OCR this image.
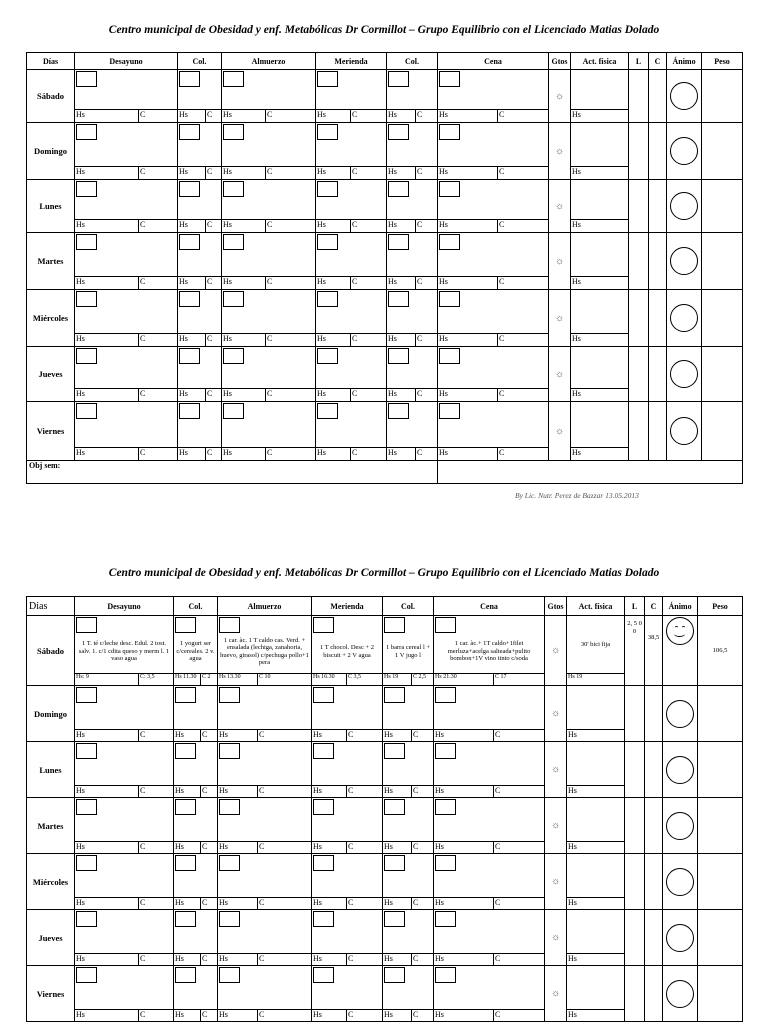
Centro municipal de Obesidad y enf. Metabólicas Dr Cormillot – Grupo Equilibrio con el Licenciado Matias Dolado
Días	Desayuno		Col.		Almuerzo		Merienda		Col.		Cena		Gtos	Act. física	L	C	Ánimo	Peso
Sábado													☼				

	Hs	C	Hs	C	Hs	C	Hs	C	Hs	C	Hs	C		Hs				
Domingo													☼				

	Hs	C	Hs	C	Hs	C	Hs	C	Hs	C	Hs	C		Hs				
Lunes													☼				

	Hs	C	Hs	C	Hs	C	Hs	C	Hs	C	Hs	C		Hs				
Martes													☼				

	Hs	C	Hs	C	Hs	C	Hs	C	Hs	C	Hs	C		Hs				
Miércoles													☼				

	Hs	C	Hs	C	Hs	C	Hs	C	Hs	C	Hs	C		Hs				
Jueves													☼				

	Hs	C	Hs	C	Hs	C	Hs	C	Hs	C	Hs	C		Hs				
Viernes													☼				

	Hs	C	Hs	C	Hs	C	Hs	C	Hs	C	Hs	C		Hs				
Obj sem:																		
By Lic. Nutr. Perez de Bazzar 13.05.2013
Centro municipal de Obesidad y enf. Metabólicas Dr Cormillot – Grupo Equilibrio con el Licenciado Matias Dolado
Dias	Desayuno		Col.		Almuerzo		Merienda		Col.		Cena		Gtos	Act. física	L	C	Ánimo	Peso
Sábado	1 T. té c/leche desc. Edul. 2 tost. salv. 1. c/1 cdita queso y merm l. 1 vaso agua		1 yogurt ser c/cereales. 2 v. agua		1 car. àc. 1 T caldo cas. Verd. + ensalada (lechiga, zanahoria, huevo, girasol) c/pechuga pollo+1 pera		1 T chocol. Desc + 2 biscuit + 2 V agua		1 barra cereal l + 1 V jugo l		1 car. àc.+ 1T caldo+1filet merluza+acelga salteada+pulito bombon+1V vino tinto c/soda		☼	30' bici fija	2, 5 0 0	38,5		106,5
	Hs: 9	C: 3,5	Hs 11.30	C 2	Hs 13.30	C 10	Hs 16.30	C 3,5	Hs 19	C 2,5	Hs 21.30	C 17		Hs 19				
Domingo													☼				

	Hs	C	Hs	C	Hs	C	Hs	C	Hs	C	Hs	C		Hs				
Lunes													☼				

	Hs	C	Hs	C	Hs	C	Hs	C	Hs	C	Hs	C		Hs				
Martes													☼				

	Hs	C	Hs	C	Hs	C	Hs	C	Hs	C	Hs	C		Hs				
Miércoles													☼				

	Hs	C	Hs	C	Hs	C	Hs	C	Hs	C	Hs	C		Hs				
Jueves													☼				

	Hs	C	Hs	C	Hs	C	Hs	C	Hs	C	Hs	C		Hs				
Viernes													☼				

	Hs	C	Hs	C	Hs	C	Hs	C	Hs	C	Hs	C		Hs				
